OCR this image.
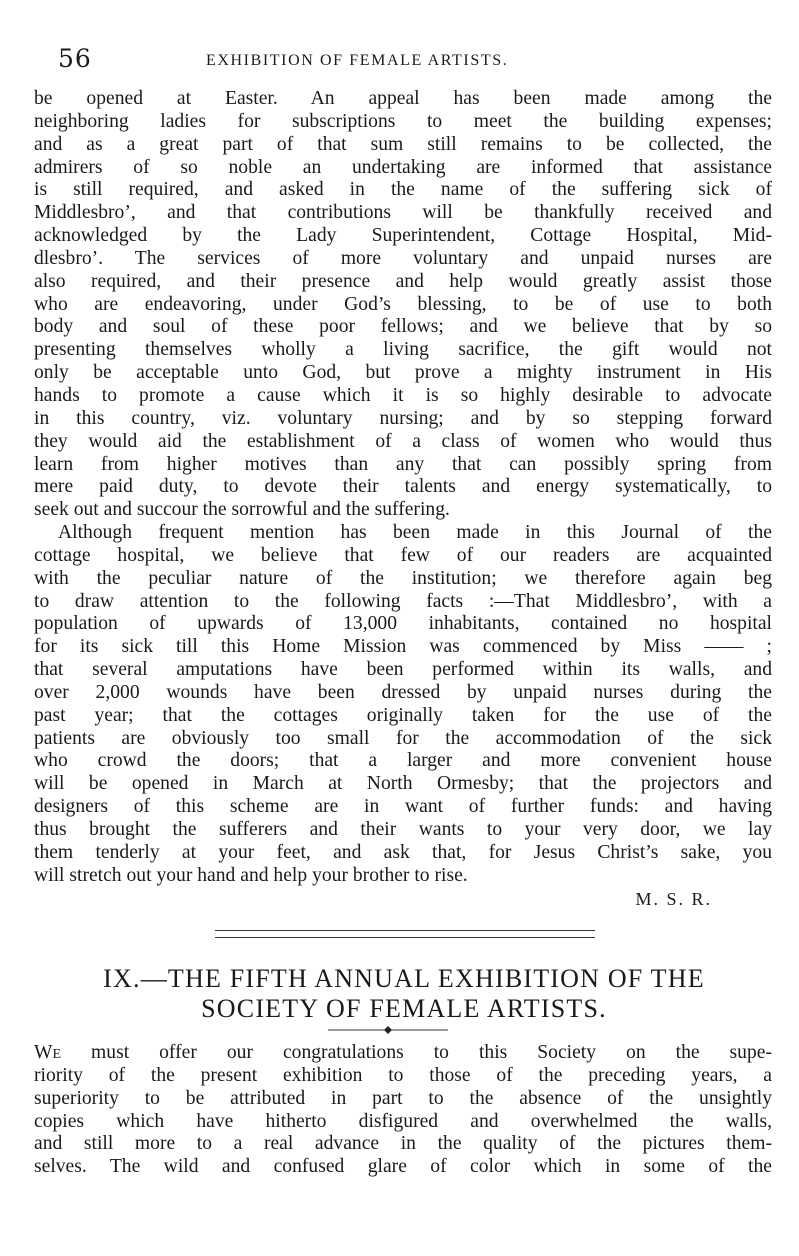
56	EXHIBITION OF FEMALE ARTISTS.
be opened at Easter. An appeal has been made among the
neighboring ladies for subscriptions to meet the building expenses;
and as a great part of that sum still remains to be collected, the
admirers of so noble an undertaking are informed that assistance
is still required, and asked in the name of the suffering sick of
Middlesbro’, and that contributions will be thankfully received and
acknowledged by the Lady Superintendent, Cottage Hospital, Mid-
dlesbro’. The services of more voluntary and unpaid nurses are
also required, and their presence and help would greatly assist those
who are endeavoring, under God’s blessing, to be of use to both
body and soul of these poor fellows; and we believe that by so
presenting themselves wholly a living sacrifice, the gift would not
only be acceptable unto God, but prove a mighty instrument in His
hands to promote a cause which it is so highly desirable to advocate
in this country, viz. voluntary nursing; and by so stepping forward
they would aid the establishment of a class of women who would thus
learn from higher motives than any that can possibly spring from
mere paid duty, to devote their talents and energy systematically, to
seek out and succour the sorrowful and the suffering.
Although frequent mention has been made in this Journal of the
cottage hospital, we believe that few of our readers are acquainted
with the peculiar nature of the institution; we therefore again beg
to draw attention to the following facts :—That Middlesbro’, with a
population of upwards of 13,000 inhabitants, contained no hospital
for its sick till this Home Mission was commenced by Miss —— ;
that several amputations have been performed within its walls, and
over 2,000 wounds have been dressed by unpaid nurses during the
past year; that the cottages originally taken for the use of the
patients are obviously too small for the accommodation of the sick
who crowd the doors; that a larger and more convenient house
will be opened in March at North Ormesby; that the projectors and
designers of this scheme are in want of further funds: and having
thus brought the sufferers and their wants to your very door, we lay
them tenderly at your feet, and ask that, for Jesus Christ’s sake, you
will stretch out your hand and help your brother to rise.
M. S. R.
IX.—THE FIFTH ANNUAL EXHIBITION OF THE
SOCIETY OF FEMALE ARTISTS.
We must offer our congratulations to this Society on the supe-
riority of the present exhibition to those of the preceding years, a
superiority to be attributed in part to the absence of the unsightly
copies which have hitherto disfigured and overwhelmed the walls,
and still more to a real advance in the quality of the pictures them-
selves. The wild and confused glare of color which in some of the
